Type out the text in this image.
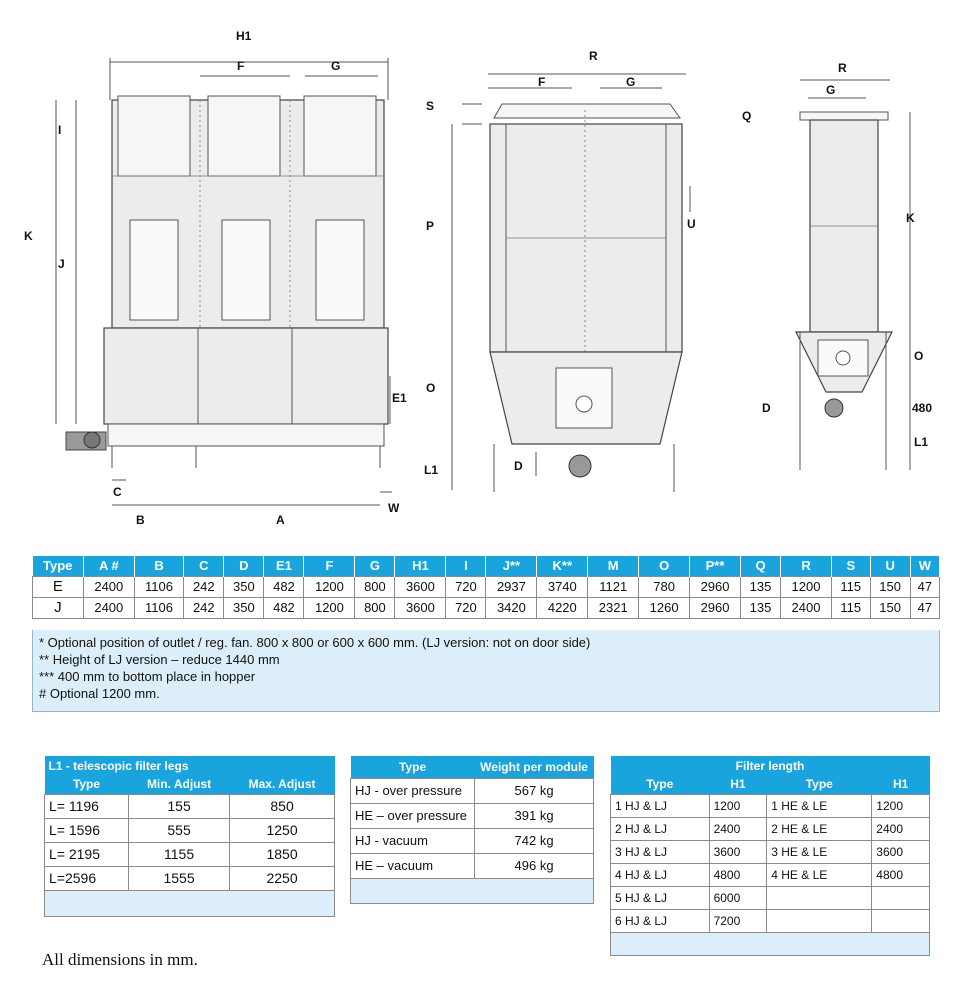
H1
F	G
I
K
J
E1
C
B	A
W
R
F	G
S
Q
P	U
O
L1	D
R
G
K
O
D	480
L1
Type	A #	B	C	D	E1	F	G	H1	I	J**	K**	M	O	P**	Q	R	S	U	W
E	2400	1106	242	350	482	1200	800	3600	720	2937	3740	1121	780	2960	135	1200	115	150	47
J	2400	1106	242	350	482	1200	800	3600	720	3420	4220	2321	1260	2960	135	2400	115	150	47
* Optional position of outlet / reg. fan. 800 x 800 or 600 x 600 mm. (LJ version: not on door side)
** Height of LJ version – reduce 1440 mm
*** 400 mm to bottom place in hopper
# Optional 1200 mm.
L1 - telescopic filter legs		
Type	Min. Adjust	Max. Adjust
L= 1196	155	850
L= 1596	555	1250
L= 2195	1155	1850
L=2596	1555	2250

Type	Weight per module
HJ - over pressure	567 kg
HE – over pressure	391 kg
HJ - vacuum	742 kg
HE – vacuum	496 kg

Filter length			
Type	H1	Type	H1
1 HJ & LJ	1200	1 HE & LE	1200
2 HJ & LJ	2400	2 HE & LE	2400
3 HJ & LJ	3600	3 HE & LE	3600
4 HJ & LJ	4800	4 HE & LE	4800
5 HJ & LJ	6000		
6 HJ & LJ	7200		

All dimensions in mm.
